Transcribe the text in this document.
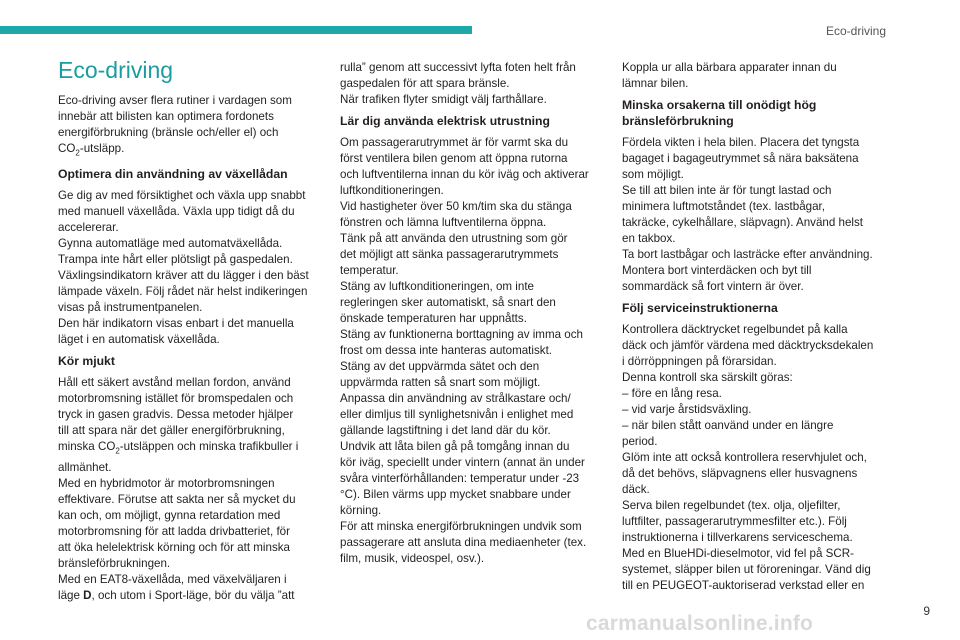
Eco-driving
Eco-driving

Eco-driving avser flera rutiner i vardagen som
innebär att bilisten kan optimera fordonets
energiförbrukning (bränsle och/eller el) och
$CO_2$-utsläpp.

Optimera din användning av växellådan

Ge dig av med försiktighet och växla upp snabbt
med manuell växellåda. Växla upp tidigt då du
accelererar.
Gynna automatläge med automatväxellåda.
Trampa inte hårt eller plötsligt på gaspedalen.
Växlingsindikatorn kräver att du lägger i den bäst
lämpade växeln. Följ rådet när helst indikeringen
visas på instrumentpanelen.
Den här indikatorn visas enbart i det manuella
läget i en automatisk växellåda.

Kör mjukt

Håll ett säkert avstånd mellan fordon, använd
motorbromsning istället för bromspedalen och
tryck in gasen gradvis. Dessa metoder hjälper
till att spara när det gäller energiförbrukning,
minska $CO_2$-utsläppen och minska trafikbuller i
allmänhet.
Med en hybridmotor är motorbromsningen
effektivare. Förutse att sakta ner så mycket du
kan och, om möjligt, gynna retardation med
motorbromsning för att ladda drivbatteriet, för
att öka helelektrisk körning och för att minska
bränsleförbrukningen.
Med en EAT8-växellåda, med växelväljaren i
läge D, och utom i Sport-läge, bör du välja ”att

rulla” genom att successivt lyfta foten helt från
gaspedalen för att spara bränsle.
När trafiken flyter smidigt välj farthållare.

Lär dig använda elektrisk utrustning

Om passagerarutrymmet är för varmt ska du
först ventilera bilen genom att öppna rutorna
och luftventilerna innan du kör iväg och aktiverar
luftkonditioneringen.
Vid hastigheter över 50 km/tim ska du stänga
fönstren och lämna luftventilerna öppna.
Tänk på att använda den utrustning som gör
det möjligt att sänka passagerarutrymmets
temperatur.
Stäng av luftkonditioneringen, om inte
regleringen sker automatiskt, så snart den
önskade temperaturen har uppnåtts.
Stäng av funktionerna borttagning av imma och
frost om dessa inte hanteras automatiskt.
Stäng av det uppvärmda sätet och den
uppvärmda ratten så snart som möjligt.
Anpassa din användning av strålkastare och/
eller dimljus till synlighetsnivån i enlighet med
gällande lagstiftning i det land där du kör.
Undvik att låta bilen gå på tomgång innan du
kör iväg, speciellt under vintern (annat än under
svåra vinterförhållanden: temperatur under -23
°C). Bilen värms upp mycket snabbare under
körning.
För att minska energiförbrukningen undvik som
passagerare att ansluta dina mediaenheter (tex.
film, musik, videospel, osv.).

Koppla ur alla bärbara apparater innan du
lämnar bilen.

Minska orsakerna till onödigt hög
bränsleförbrukning

Fördela vikten i hela bilen. Placera det tyngsta
bagaget i bagageutrymmet så nära baksätena
som möjligt.
Se till att bilen inte är för tungt lastad och
minimera luftmotståndet (tex. lastbågar,
takräcke, cykelhållare, släpvagn). Använd helst
en takbox.
Ta bort lastbågar och lasträcke efter användning.
Montera bort vinterdäcken och byt till
sommardäck så fort vintern är över.

Följ serviceinstruktionerna

Kontrollera däcktrycket regelbundet på kalla
däck och jämför värdena med däcktrycksdekalen
i dörröppningen på förarsidan.
Denna kontroll ska särskilt göras:
– före en lång resa.
– vid varje årstidsväxling.
– när bilen stått oanvänd under en längre
period.
Glöm inte att också kontrollera reservhjulet och,
då det behövs, släpvagnens eller husvagnens
däck.
Serva bilen regelbundet (tex. olja, oljefilter,
luftfilter, passagerarutrymmesfilter etc.). Följ
instruktionerna i tillverkarens serviceschema.
Med en BlueHDi-dieselmotor, vid fel på SCR-
systemet, släpper bilen ut föroreningar. Vänd dig
till en PEUGEOT-auktoriserad verkstad eller en

9
carmanualsonline.info
